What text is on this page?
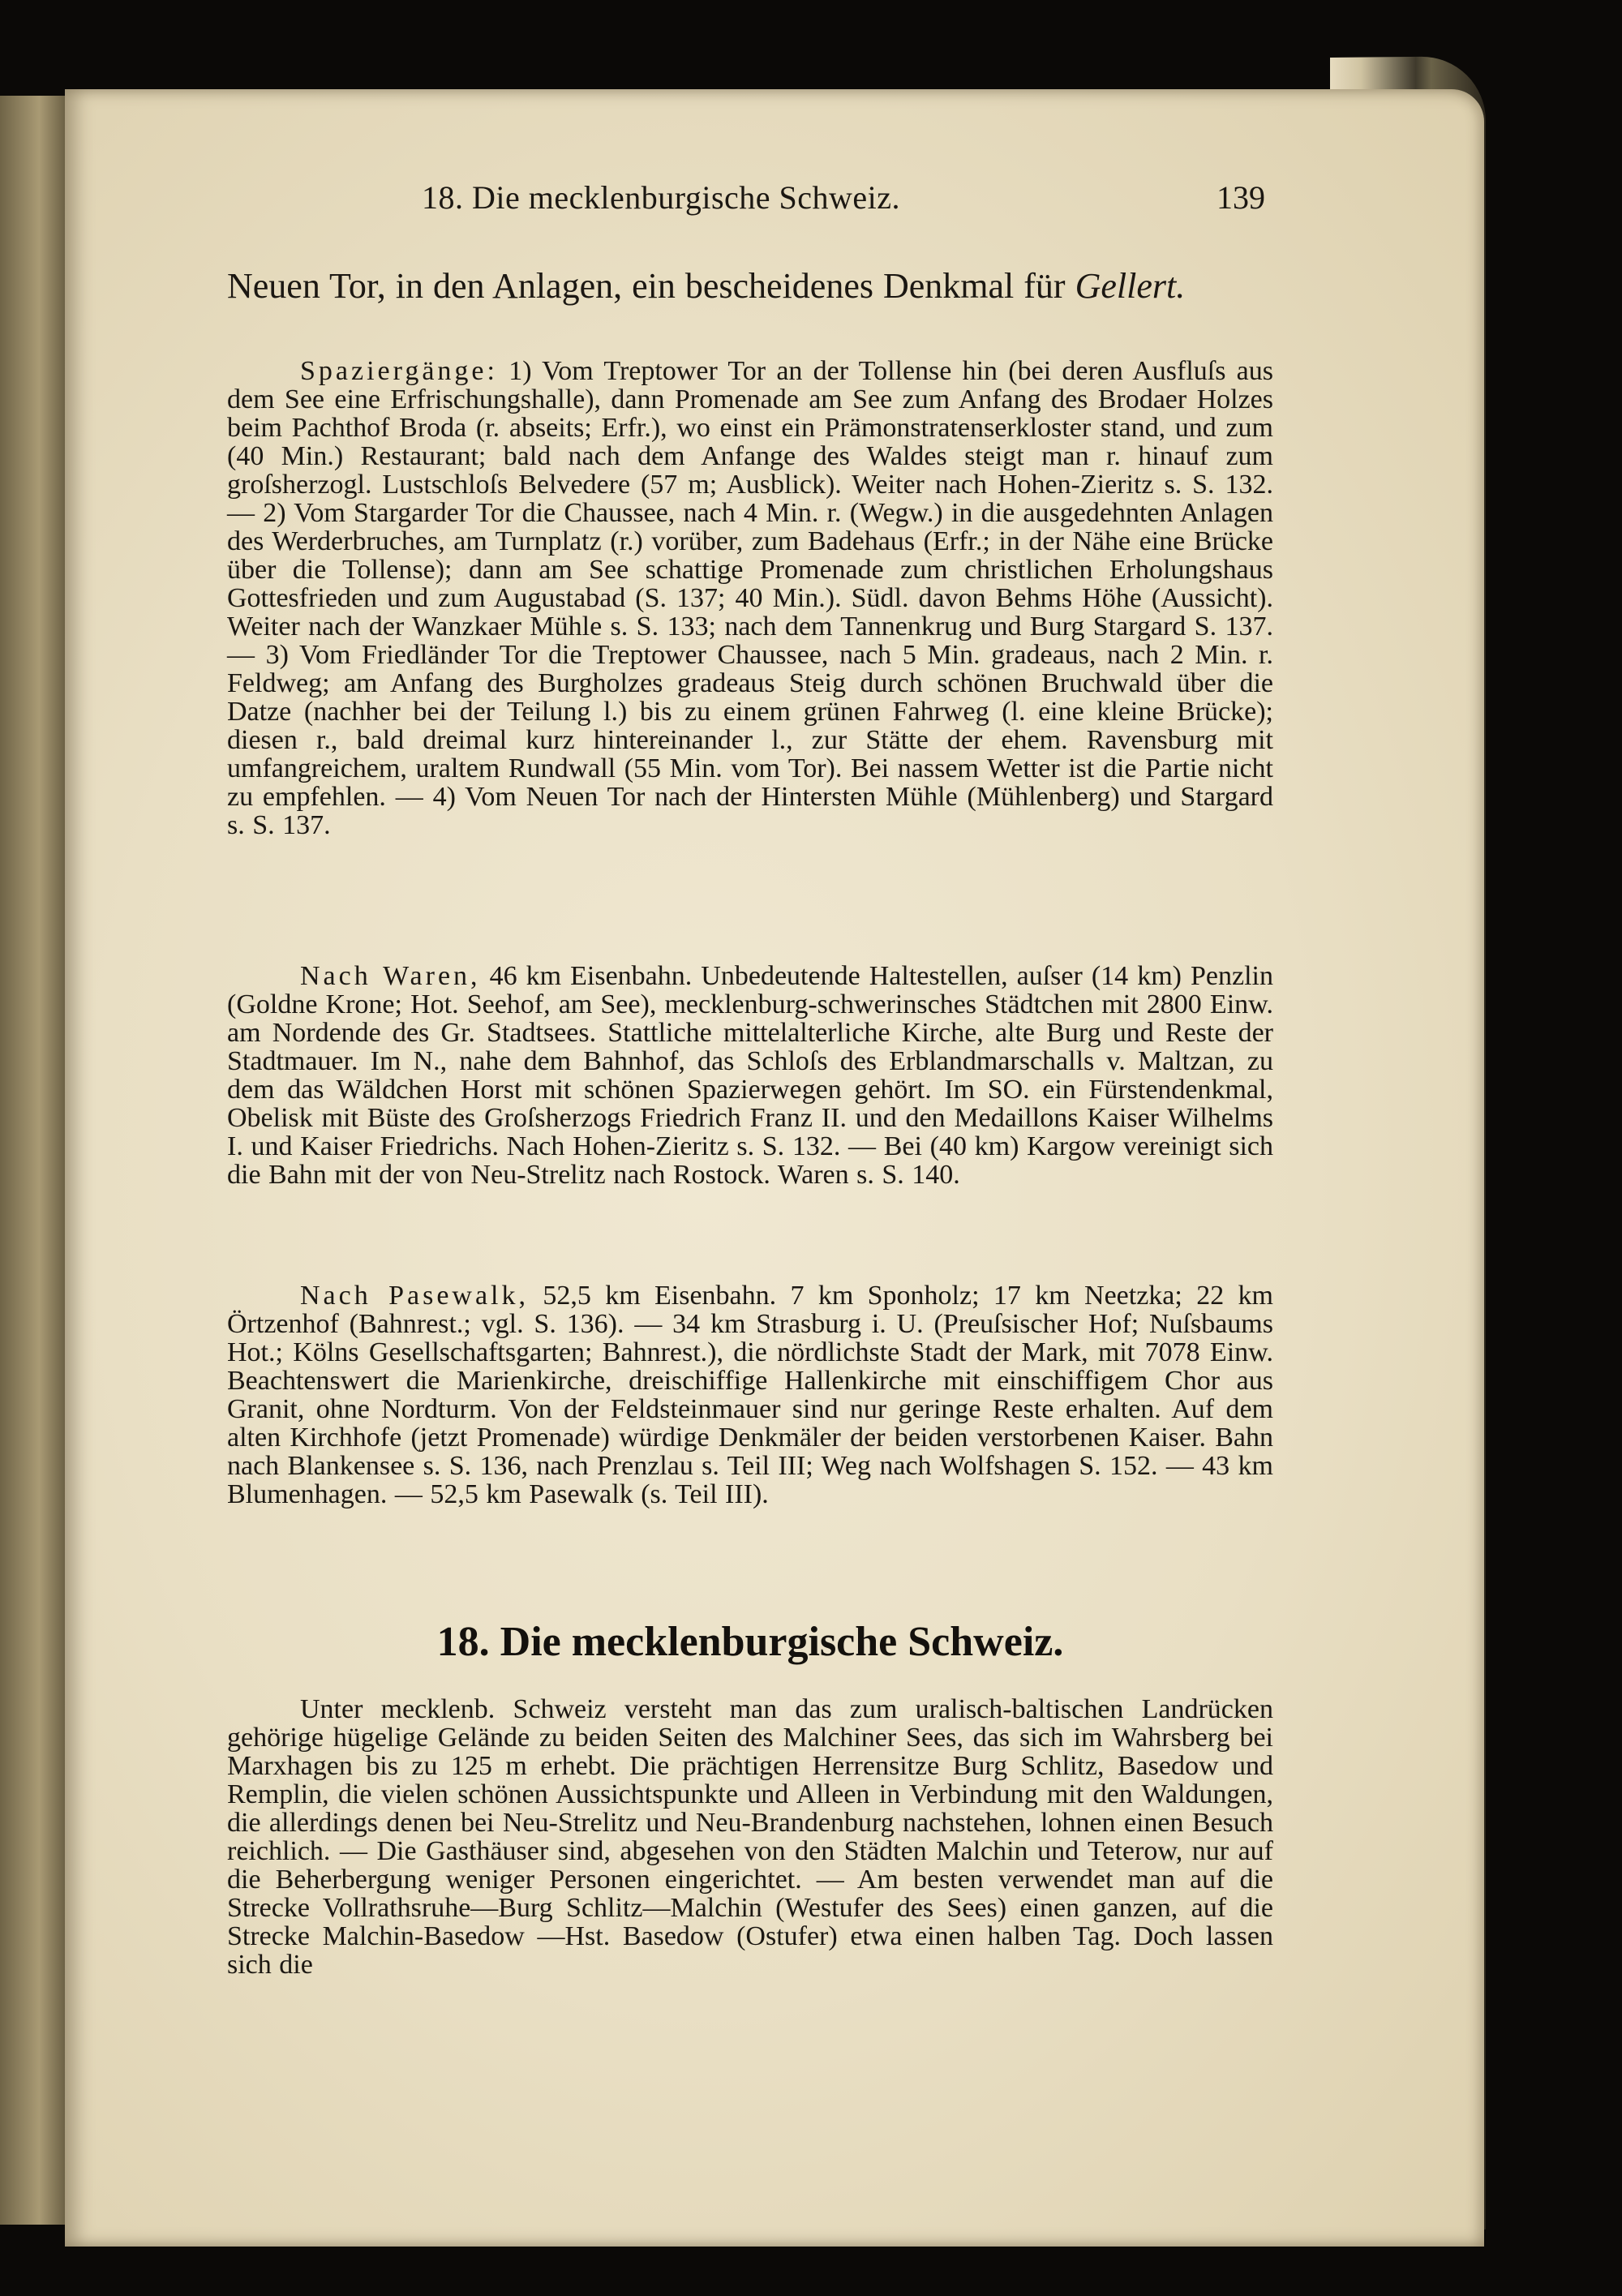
18. Die mecklenburgische Schweiz.	139
Neuen Tor, in den Anlagen, ein bescheidenes Denkmal für Gellert.

Spaziergänge: 1) Vom Treptower Tor an der Tollense hin (bei deren Ausfluſs aus dem See eine Erfrischungshalle), dann Promenade am See zum Anfang des Brodaer Holzes beim Pachthof Broda (r. abseits; Erfr.), wo einst ein Prämonstratenserkloster stand, und zum (40 Min.) Restaurant; bald nach dem Anfange des Waldes steigt man r. hinauf zum groſsherzogl. Lustschloſs Belvedere (57 m; Ausblick). Weiter nach Hohen-Zieritz s. S. 132. — 2) Vom Stargarder Tor die Chaussee, nach 4 Min. r. (Wegw.) in die ausgedehnten Anlagen des Werderbruches, am Turnplatz (r.) vorüber, zum Badehaus (Erfr.; in der Nähe eine Brücke über die Tollense); dann am See schattige Promenade zum christlichen Erholungshaus Gottesfrieden und zum Augustabad (S. 137; 40 Min.). Südl. davon Behms Höhe (Aussicht). Weiter nach der Wanzkaer Mühle s. S. 133; nach dem Tannenkrug und Burg Stargard S. 137. — 3) Vom Friedländer Tor die Treptower Chaussee, nach 5 Min. gradeaus, nach 2 Min. r. Feldweg; am Anfang des Burgholzes gradeaus Steig durch schönen Bruchwald über die Datze (nachher bei der Teilung l.) bis zu einem grünen Fahrweg (l. eine kleine Brücke); diesen r., bald dreimal kurz hintereinander l., zur Stätte der ehem. Ravensburg mit umfangreichem, uraltem Rundwall (55 Min. vom Tor). Bei nassem Wetter ist die Partie nicht zu empfehlen. — 4) Vom Neuen Tor nach der Hintersten Mühle (Mühlenberg) und Stargard s. S. 137.

Nach Waren, 46 km Eisenbahn. Unbedeutende Haltestellen, auſser (14 km) Penzlin (Goldne Krone; Hot. Seehof, am See), mecklenburg-schwerinsches Städtchen mit 2800 Einw. am Nordende des Gr. Stadtsees. Stattliche mittelalterliche Kirche, alte Burg und Reste der Stadtmauer. Im N., nahe dem Bahnhof, das Schloſs des Erblandmarschalls v. Maltzan, zu dem das Wäldchen Horst mit schönen Spazierwegen gehört. Im SO. ein Fürstendenkmal, Obelisk mit Büste des Groſsherzogs Friedrich Franz II. und den Medaillons Kaiser Wilhelms I. und Kaiser Friedrichs. Nach Hohen-Zieritz s. S. 132. — Bei (40 km) Kargow vereinigt sich die Bahn mit der von Neu-Strelitz nach Rostock. Waren s. S. 140.

Nach Pasewalk, 52,5 km Eisenbahn. 7 km Sponholz; 17 km Neetzka; 22 km Örtzenhof (Bahnrest.; vgl. S. 136). — 34 km Strasburg i. U. (Preuſsischer Hof; Nuſsbaums Hot.; Kölns Gesellschaftsgarten; Bahnrest.), die nördlichste Stadt der Mark, mit 7078 Einw. Beachtenswert die Marienkirche, dreischiffige Hallenkirche mit einschiffigem Chor aus Granit, ohne Nordturm. Von der Feldsteinmauer sind nur geringe Reste erhalten. Auf dem alten Kirchhofe (jetzt Promenade) würdige Denkmäler der beiden verstorbenen Kaiser. Bahn nach Blankensee s. S. 136, nach Prenzlau s. Teil III; Weg nach Wolfshagen S. 152. — 43 km Blumenhagen. — 52,5 km Pasewalk (s. Teil III).

18. Die mecklenburgische Schweiz.

Unter mecklenb. Schweiz versteht man das zum uralisch-baltischen Landrücken gehörige hügelige Gelände zu beiden Seiten des Malchiner Sees, das sich im Wahrsberg bei Marxhagen bis zu 125 m erhebt. Die prächtigen Herrensitze Burg Schlitz, Basedow und Remplin, die vielen schönen Aussichtspunkte und Alleen in Verbindung mit den Waldungen, die allerdings denen bei Neu-Strelitz und Neu-Brandenburg nachstehen, lohnen einen Besuch reichlich. — Die Gasthäuser sind, abgesehen von den Städten Malchin und Teterow, nur auf die Beherbergung weniger Personen eingerichtet. — Am besten verwendet man auf die Strecke Vollrathsruhe—Burg Schlitz—Malchin (Westufer des Sees) einen ganzen, auf die Strecke Malchin-Basedow —Hst. Basedow (Ostufer) etwa einen halben Tag. Doch lassen sich die
